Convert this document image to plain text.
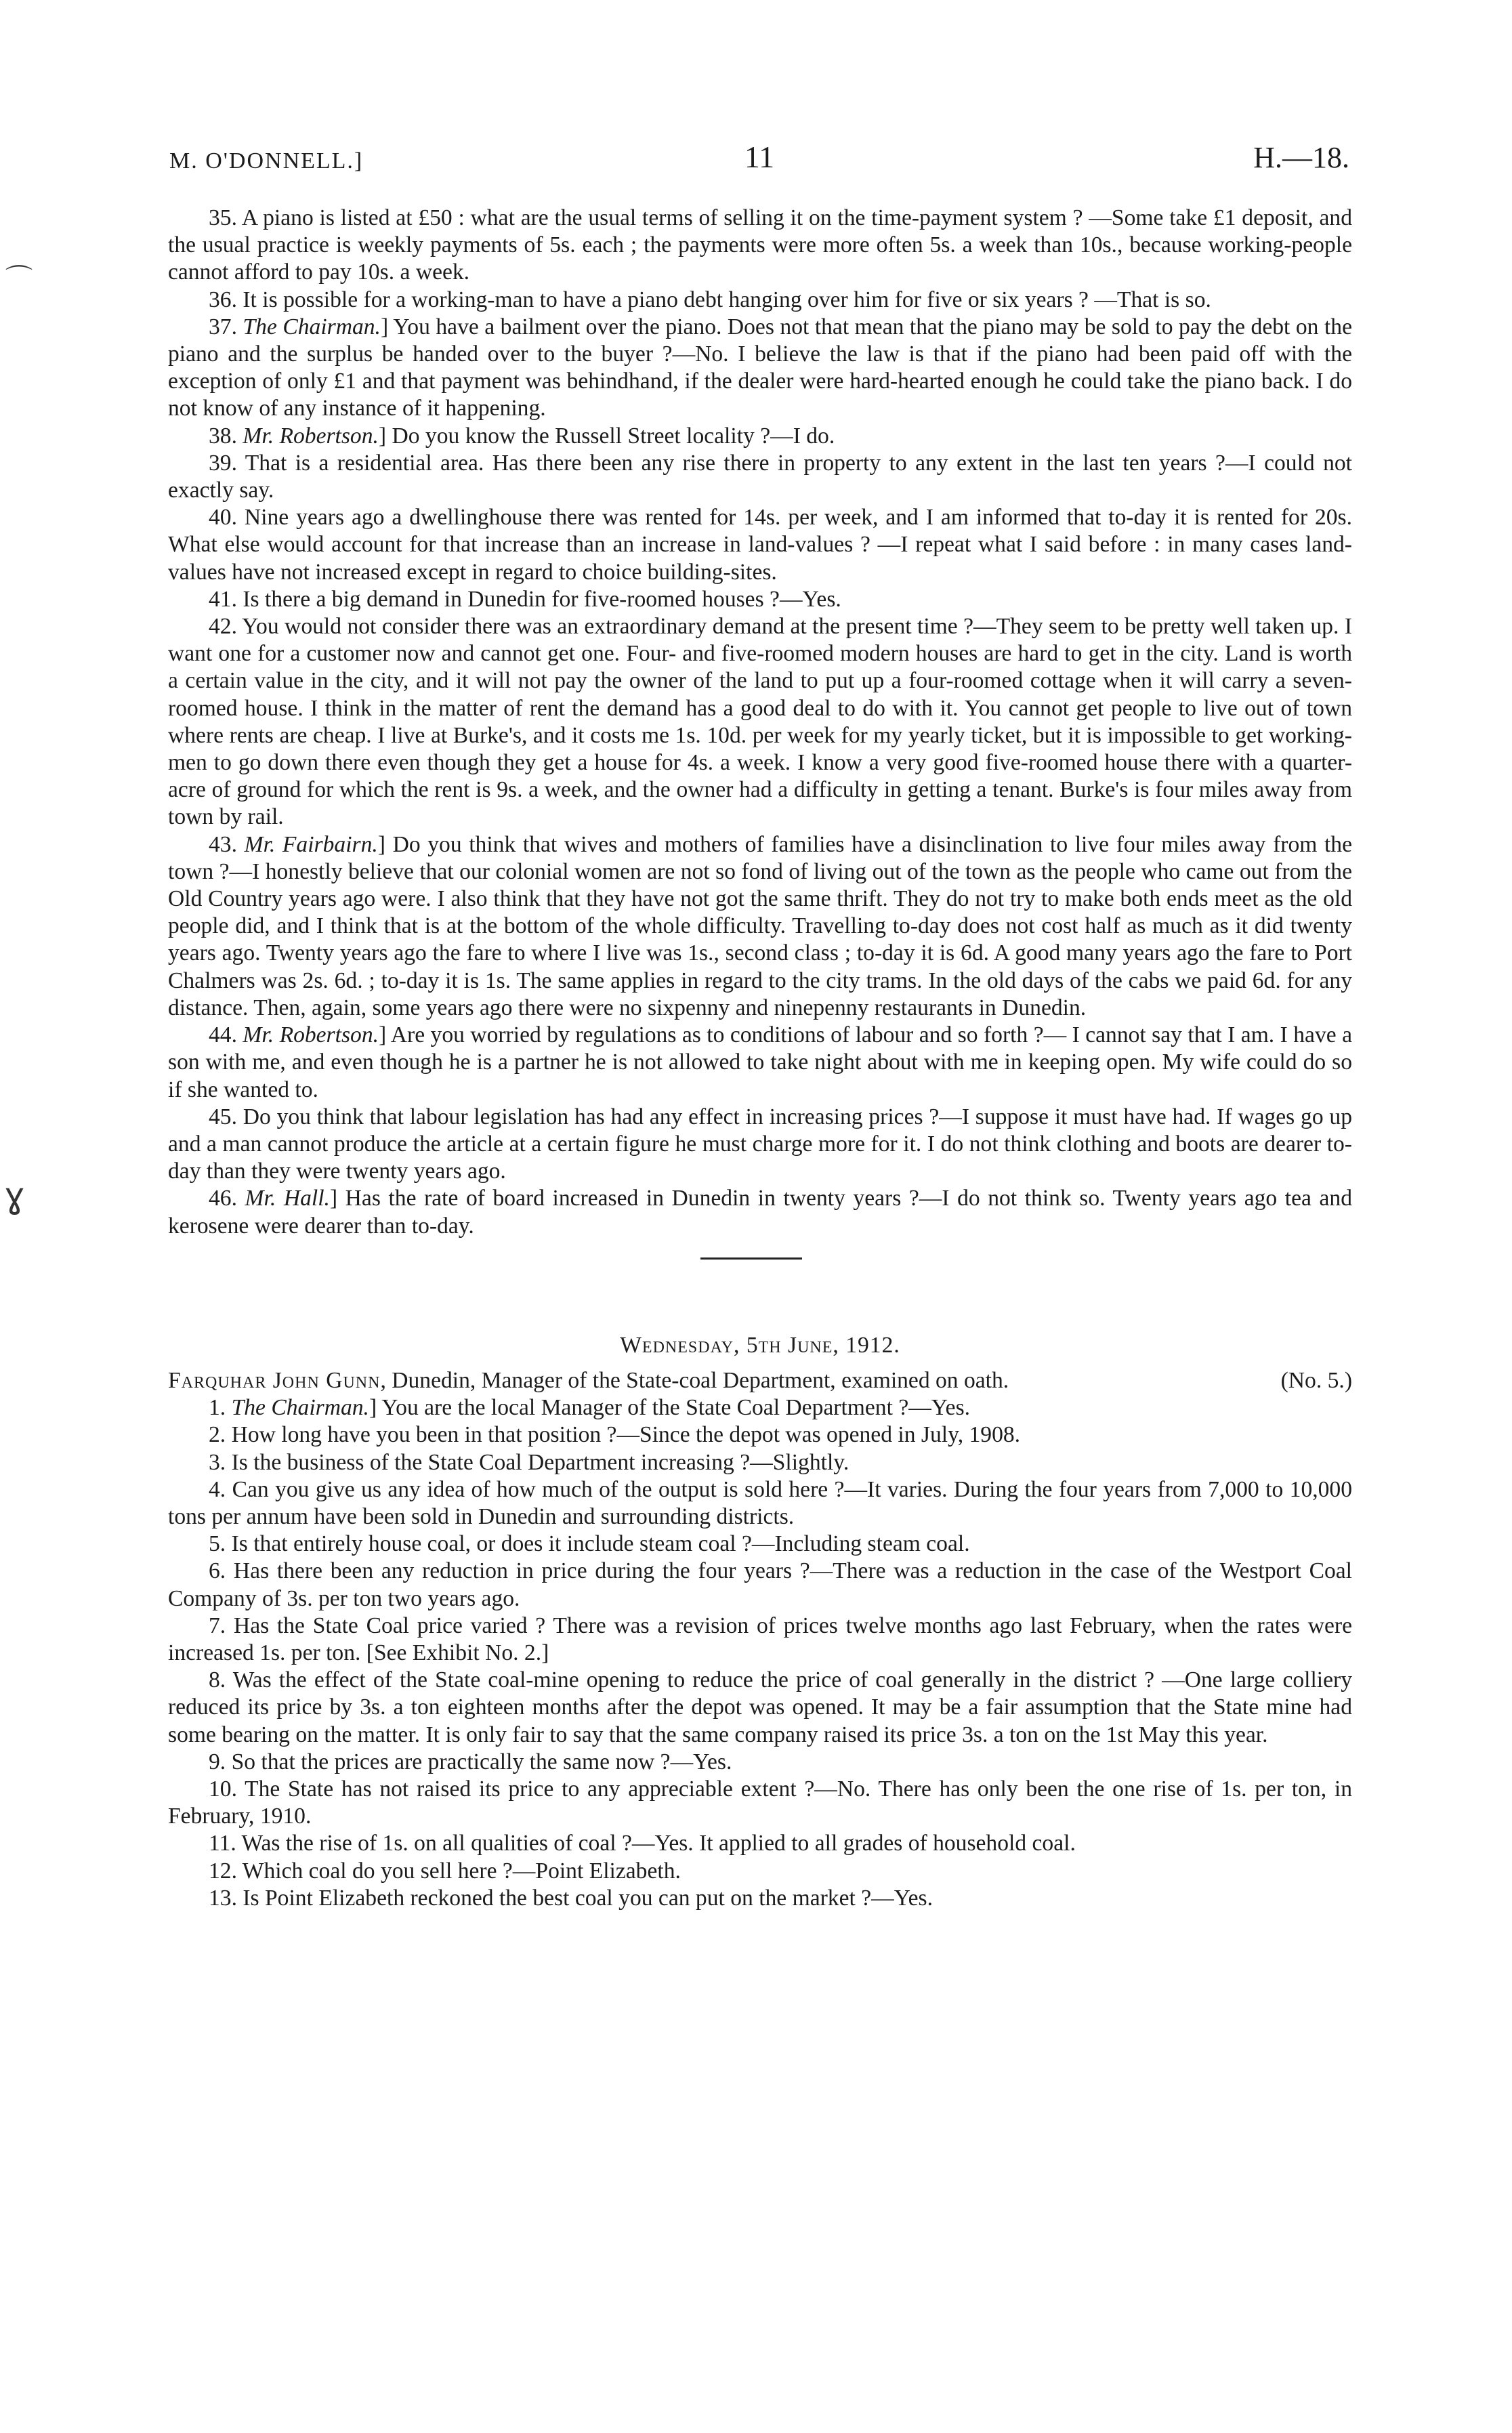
M. O'DONNELL.]	11	H.—18.
⌒
ɣ

35. A piano is listed at £50 : what are the usual terms of selling it on the time-payment system ? —Some take £1 deposit, and the usual practice is weekly payments of 5s. each ; the payments were more often 5s. a week than 10s., because working-people cannot afford to pay 10s. a week.

36. It is possible for a working-man to have a piano debt hanging over him for five or six years ? —That is so.

37. The Chairman.] You have a bailment over the piano. Does not that mean that the piano may be sold to pay the debt on the piano and the surplus be handed over to the buyer ?—No. I believe the law is that if the piano had been paid off with the exception of only £1 and that payment was behindhand, if the dealer were hard-hearted enough he could take the piano back. I do not know of any instance of it happening.

38. Mr. Robertson.] Do you know the Russell Street locality ?—I do.

39. That is a residential area. Has there been any rise there in property to any extent in the last ten years ?—I could not exactly say.

40. Nine years ago a dwellinghouse there was rented for 14s. per week, and I am informed that to-day it is rented for 20s. What else would account for that increase than an increase in land-values ? —I repeat what I said before : in many cases land-values have not increased except in regard to choice building-sites.

41. Is there a big demand in Dunedin for five-roomed houses ?—Yes.

42. You would not consider there was an extraordinary demand at the present time ?—They seem to be pretty well taken up. I want one for a customer now and cannot get one. Four- and five-roomed modern houses are hard to get in the city. Land is worth a certain value in the city, and it will not pay the owner of the land to put up a four-roomed cottage when it will carry a seven-roomed house. I think in the matter of rent the demand has a good deal to do with it. You cannot get people to live out of town where rents are cheap. I live at Burke's, and it costs me 1s. 10d. per week for my yearly ticket, but it is impossible to get working-men to go down there even though they get a house for 4s. a week. I know a very good five-roomed house there with a quarter-acre of ground for which the rent is 9s. a week, and the owner had a difficulty in getting a tenant. Burke's is four miles away from town by rail.

43. Mr. Fairbairn.] Do you think that wives and mothers of families have a disinclination to live four miles away from the town ?—I honestly believe that our colonial women are not so fond of living out of the town as the people who came out from the Old Country years ago were. I also think that they have not got the same thrift. They do not try to make both ends meet as the old people did, and I think that is at the bottom of the whole difficulty. Travelling to-day does not cost half as much as it did twenty years ago. Twenty years ago the fare to where I live was 1s., second class ; to-day it is 6d. A good many years ago the fare to Port Chalmers was 2s. 6d. ; to-day it is 1s. The same applies in regard to the city trams. In the old days of the cabs we paid 6d. for any distance. Then, again, some years ago there were no sixpenny and ninepenny restaurants in Dunedin.

44. Mr. Robertson.] Are you worried by regulations as to conditions of labour and so forth ?— I cannot say that I am. I have a son with me, and even though he is a partner he is not allowed to take night about with me in keeping open. My wife could do so if she wanted to.

45. Do you think that labour legislation has had any effect in increasing prices ?—I suppose it must have had. If wages go up and a man cannot produce the article at a certain figure he must charge more for it. I do not think clothing and boots are dearer to-day than they were twenty years ago.

46. Mr. Hall.] Has the rate of board increased in Dunedin in twenty years ?—I do not think so. Twenty years ago tea and kerosene were dearer than to-day.

Wednesday, 5th June, 1912.

Farquhar John Gunn, Dunedin, Manager of the State-coal Department, examined on oath.	(No. 5.)

1. The Chairman.] You are the local Manager of the State Coal Department ?—Yes.

2. How long have you been in that position ?—Since the depot was opened in July, 1908.

3. Is the business of the State Coal Department increasing ?—Slightly.

4. Can you give us any idea of how much of the output is sold here ?—It varies. During the four years from 7,000 to 10,000 tons per annum have been sold in Dunedin and surrounding districts.

5. Is that entirely house coal, or does it include steam coal ?—Including steam coal.

6. Has there been any reduction in price during the four years ?—There was a reduction in the case of the Westport Coal Company of 3s. per ton two years ago.

7. Has the State Coal price varied ? There was a revision of prices twelve months ago last February, when the rates were increased 1s. per ton. [See Exhibit No. 2.]

8. Was the effect of the State coal-mine opening to reduce the price of coal generally in the district ? —One large colliery reduced its price by 3s. a ton eighteen months after the depot was opened. It may be a fair assumption that the State mine had some bearing on the matter. It is only fair to say that the same company raised its price 3s. a ton on the 1st May this year.

9. So that the prices are practically the same now ?—Yes.

10. The State has not raised its price to any appreciable extent ?—No. There has only been the one rise of 1s. per ton, in February, 1910.

11. Was the rise of 1s. on all qualities of coal ?—Yes. It applied to all grades of household coal.

12. Which coal do you sell here ?—Point Elizabeth.

13. Is Point Elizabeth reckoned the best coal you can put on the market ?—Yes.
